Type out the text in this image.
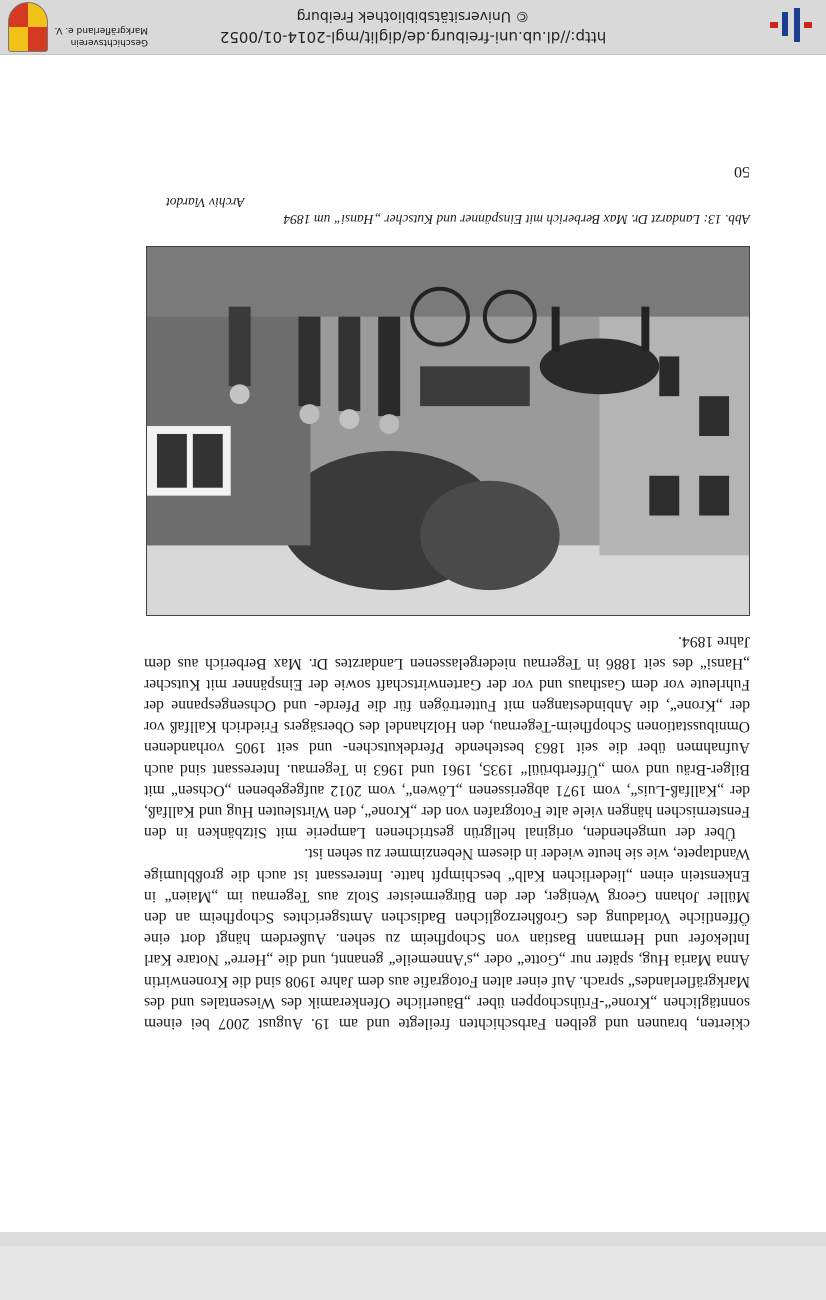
ckierten, braunen und gelben Farbschichten freilegte und am 19. August 2007 bei einem sonntäglichen „Krone“-Frühschoppen über „Bäuerliche Ofenkeramik des Wiesentales und des Markgräflerlandes“ sprach. Auf einer alten Fotografie aus dem Jahre 1908 sind die Kronenwirtin Anna Maria Hug, später nur „Gotte“ oder „s'Annemeile“ genannt, und die „Herre“ Notare Karl Intlekofer und Hermann Bastian von Schopfheim zu sehen. Außerdem hängt dort eine Öffentliche Vorladung des Großherzoglichen Badischen Amtsgerichtes Schopfheim an den Müller Johann Georg Weniger, der den Bürgermeister Stolz aus Tegernau im „Maien“ in Enkenstein einen „liederlichen Kalb“ beschimpft hatte. Interessant ist auch die großblumige Wandtapete, wie sie heute wieder in diesem Nebenzimmer zu sehen ist.

Über der umgehenden, original hellgrün gestrichenen Lamperie mit Sitzbänken in den Fensternischen hängen viele alte Fotografen von der „Krone“, den Wirtsleuten Hug und Kallfaß, der „Kallfaß-Luis“, vom 1971 abgerissenen „Löwen“, vom 2012 aufgegebenen „Ochsen“ mit Bilger-Bräu und vom „Üffertbrüül“ 1935, 1961 und 1963 in Tegernau. Interessant sind auch Aufnahmen über die seit 1863 bestehende Pferdekutschen- und seit 1905 vorhandenen Omnibusstationen Schopfheim-Tegernau, den Holzhandel des Obersägers Friedrich Kallfaß vor der „Krone“, die Anbindestangen mit Futtertrögen für die Pferde- und Ochsengespanne der Fuhrleute vor dem Gasthaus und vor der Gartenwirtschaft sowie der Einspänner mit Kutscher „Hansi“ des seit 1886 in Tegernau niedergelassenen Landarztes Dr. Max Berberich aus dem Jahre 1894.

Abb. 13: Landarzt Dr. Max Berberich mit Einspänner und Kutscher „Hansi“ um 1894
Archiv Viardot
50
Geschichtsverein
Markgräflerland e. V.	http://dl.ub.uni-freiburg.de/diglit/mgl-2014-01/0052
© Universitätsbibliothek Freiburg
